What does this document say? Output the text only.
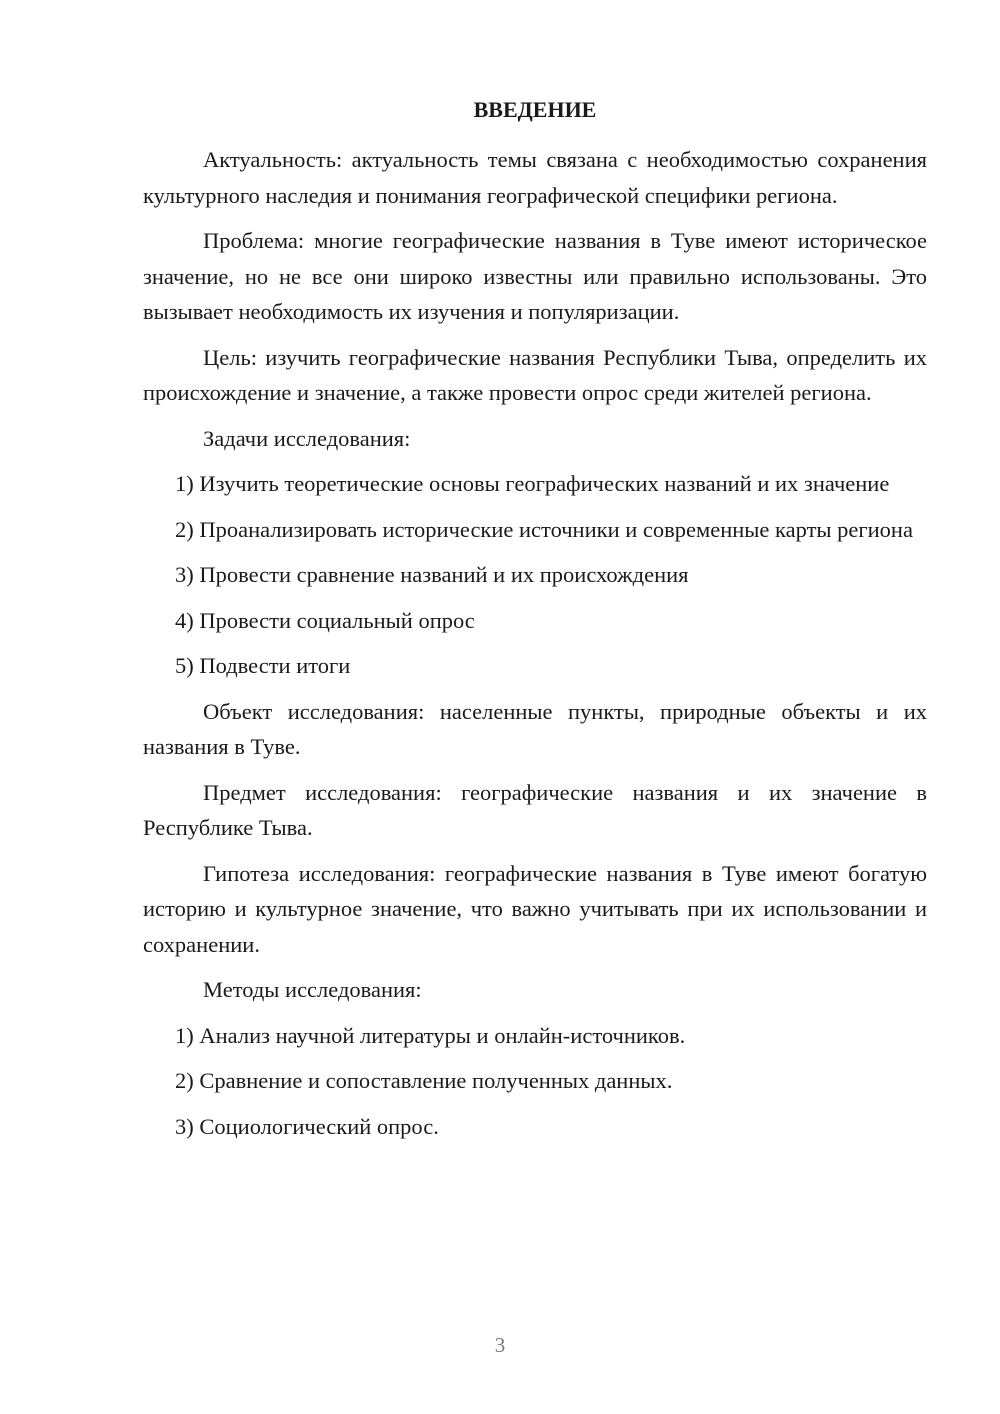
ВВЕДЕНИЕ

Актуальность: актуальность темы связана с необходимостью сохранения культурного наследия и понимания географической специфики региона.

Проблема: многие географические названия в Туве имеют историческое значение, но не все они широко известны или правильно использованы. Это вызывает необходимость их изучения и популяризации.

Цель: изучить географические названия Республики Тыва, определить их происхождение и значение, а также провести опрос среди жителей региона.

Задачи исследования:

1) Изучить теоретические основы географических названий и их значение

2) Проанализировать исторические источники и современные карты региона

3) Провести сравнение названий и их происхождения

4) Провести социальный опрос

5) Подвести итоги

Объект исследования: населенные пункты, природные объекты и их названия в Туве.

Предмет исследования: географические названия и их значение в Республике Тыва.

Гипотеза исследования: географические названия в Туве имеют богатую историю и культурное значение, что важно учитывать при их использовании и сохранении.

Методы исследования:

1) Анализ научной литературы и онлайн-источников.

2) Сравнение и сопоставление полученных данных.

3) Социологический опрос.

3
